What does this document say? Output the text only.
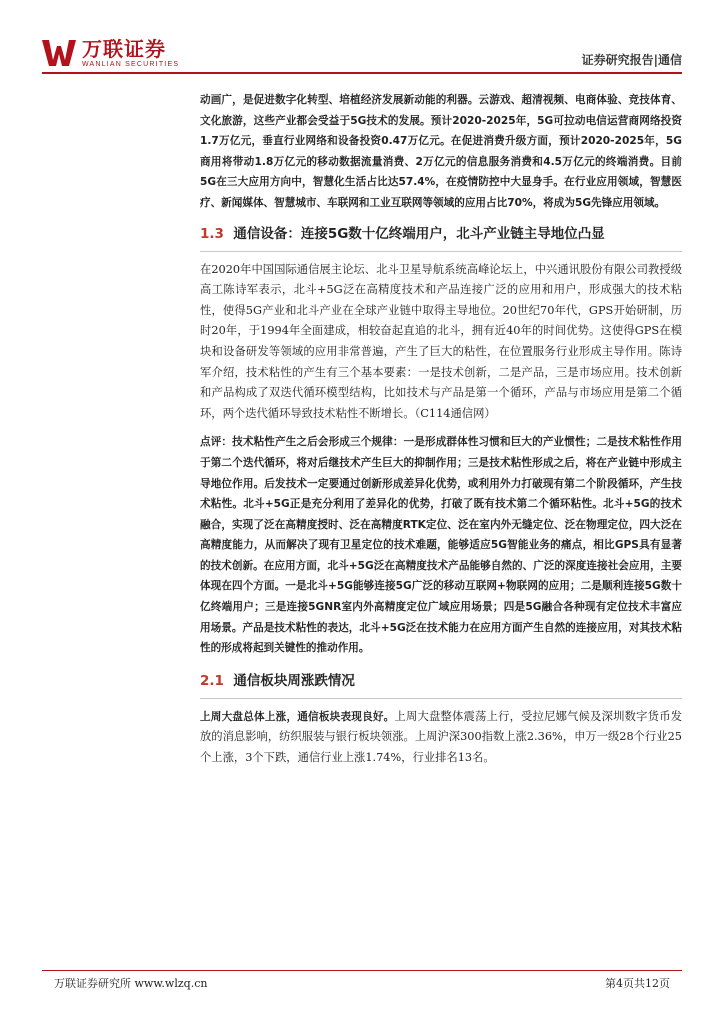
万联证券
WANLIAN SECURITIES	证券研究报告|通信

动画广，是促进数字化转型、培植经济发展新动能的利器。云游戏、超清视频、电商体验、竞技体育、文化旅游，这些产业都会受益于5G技术的发展。预计2020-2025年，5G可拉动电信运营商网络投资1.7万亿元，垂直行业网络和设备投资0.47万亿元。在促进消费升级方面，预计2020-2025年，5G商用将带动1.8万亿元的移动数据流量消费、2万亿元的信息服务消费和4.5万亿元的终端消费。目前5G在三大应用方向中，智慧化生活占比达57.4%，在疫情防控中大显身手。在行业应用领域，智慧医疗、新闻媒体、智慧城市、车联网和工业互联网等领域的应用占比70%，将成为5G先锋应用领域。

1.3 通信设备：连接5G数十亿终端用户，北斗产业链主导地位凸显

在2020年中国国际通信展主论坛、北斗卫星导航系统高峰论坛上，中兴通讯股份有限公司教授级高工陈诗军表示，北斗+5G泛在高精度技术和产品连接广泛的应用和用户，形成强大的技术粘性，使得5G产业和北斗产业在全球产业链中取得主导地位。20世纪70年代，GPS开始研制，历时20年，于1994年全面建成，相较奋起直追的北斗，拥有近40年的时间优势。这使得GPS在模块和设备研发等领域的应用非常普遍，产生了巨大的粘性，在位置服务行业形成主导作用。陈诗军介绍，技术粘性的产生有三个基本要素：一是技术创新，二是产品，三是市场应用。技术创新和产品构成了双迭代循环模型结构，比如技术与产品是第一个循环，产品与市场应用是第二个循环，两个迭代循环导致技术粘性不断增长。（C114通信网）

点评：技术粘性产生之后会形成三个规律：一是形成群体性习惯和巨大的产业惯性；二是技术粘性作用于第二个迭代循环，将对后继技术产生巨大的抑制作用；三是技术粘性形成之后，将在产业链中形成主导地位作用。后发技术一定要通过创新形成差异化优势，或利用外力打破现有第二个阶段循环，产生技术粘性。北斗+5G正是充分利用了差异化的优势，打破了既有技术第二个循环粘性。北斗+5G的技术融合，实现了泛在高精度授时、泛在高精度RTK定位、泛在室内外无缝定位、泛在物理定位，四大泛在高精度能力，从而解决了现有卫星定位的技术难题，能够适应5G智能业务的痛点，相比GPS具有显著的技术创新。在应用方面，北斗+5G泛在高精度技术产品能够自然的、广泛的深度连接社会应用，主要体现在四个方面。一是北斗+5G能够连接5G广泛的移动互联网+物联网的应用；二是顺利连接5G数十亿终端用户；三是连接5GNR室内外高精度定位广域应用场景；四是5G融合各种现有定位技术丰富应用场景。产品是技术粘性的表达，北斗+5G泛在技术能力在应用方面产生自然的连接应用，对其技术粘性的形成将起到关键性的推动作用。

2.1 通信板块周涨跌情况

上周大盘总体上涨，通信板块表现良好。上周大盘整体震荡上行，受拉尼娜气候及深圳数字货币发放的消息影响，纺织服装与银行板块领涨。上周沪深300指数上涨2.36%，申万一级28个行业25个上涨，3个下跌，通信行业上涨1.74%，行业排名13名。

万联证券研究所 www.wlzq.cn	第4页共12页
